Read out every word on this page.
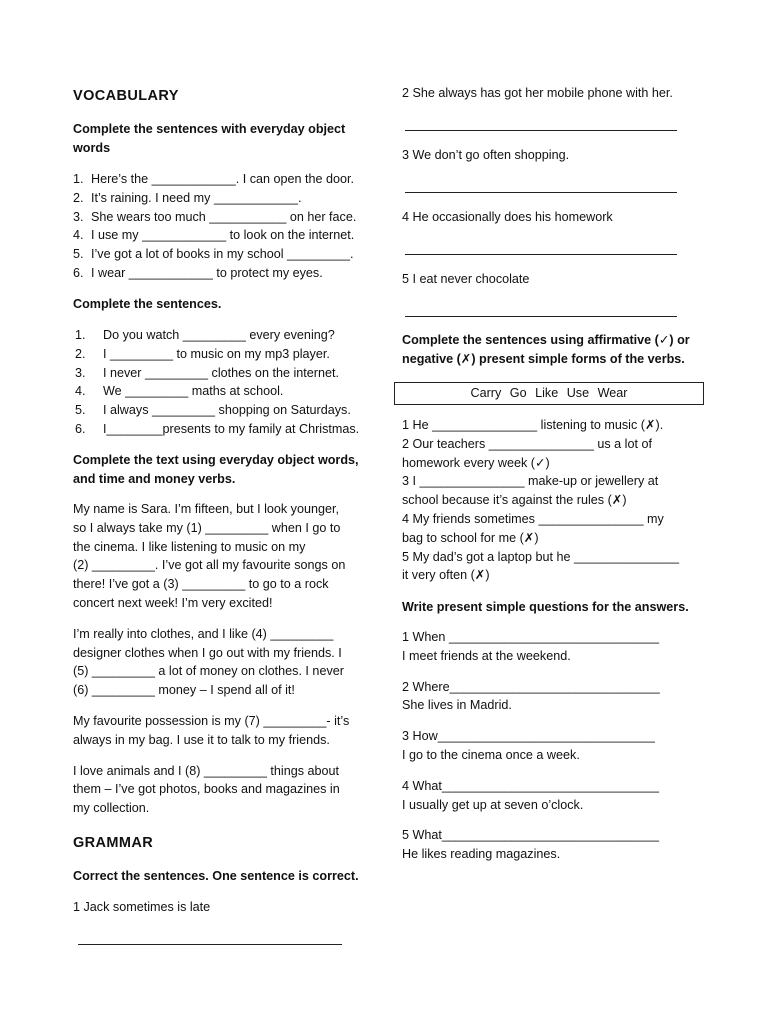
VOCABULARY
Complete the sentences with everyday object words
1. Here’s the ____________. I can open the door.
2. It’s raining. I need my ____________.
3. She wears too much ___________ on her face.
4. I use my ____________ to look on the internet.
5. I’ve got a lot of books in my school _________.
6. I wear ____________ to protect my eyes.
Complete the sentences.
1.	Do you watch _________ every evening?
2.	I _________ to music on my mp3 player.
3.	I never _________ clothes on the internet.
4.	We _________ maths at school.
5.	I always _________ shopping on Saturdays.
6.	I________presents to my family at Christmas.
Complete the text using everyday object words, and time and money verbs.
My name is Sara. I’m fifteen, but I look younger,
so I always take my (1) _________ when I go to
the cinema. I like listening to music on my
(2) _________. I’ve got all my favourite songs on
there! I’ve got a (3) _________ to go to a rock
concert next week! I’m very excited!
I’m really into clothes, and I like (4) _________
designer clothes when I go out with my friends. I
(5) _________ a lot of money on clothes. I never
(6) _________ money – I spend all of it!
My favourite possession is my (7) _________- it’s
always in my bag. I use it to talk to my friends.
I love animals and I (8) _________ things about
them – I’ve got photos, books and magazines in
my collection.
GRAMMAR
Correct the sentences. One sentence is correct.
1 Jack sometimes is late
2 She always has got her mobile phone with her.
3 We don’t go often shopping.
4 He occasionally does his homework
5 I eat never chocolate
Complete the sentences using affirmative (✓) or negative (✗) present simple forms of the verbs.
Carry Go Like Use Wear
1 He _______________ listening to music (✗).
2 Our teachers _______________ us a lot of
homework every week (✓)
3 I _______________ make-up or jewellery at
school because it’s against the rules (✗)
4 My friends sometimes _______________ my
bag to school for me (✗)
5 My dad’s got a laptop but he _______________
it very often (✗)
Write present simple questions for the answers.
1 When ______________________________
I meet friends at the weekend.
2 Where______________________________
She lives in Madrid.
3 How_______________________________
I go to the cinema once a week.
4 What_______________________________
I usually get up at seven o’clock.
5 What_______________________________
He likes reading magazines.
